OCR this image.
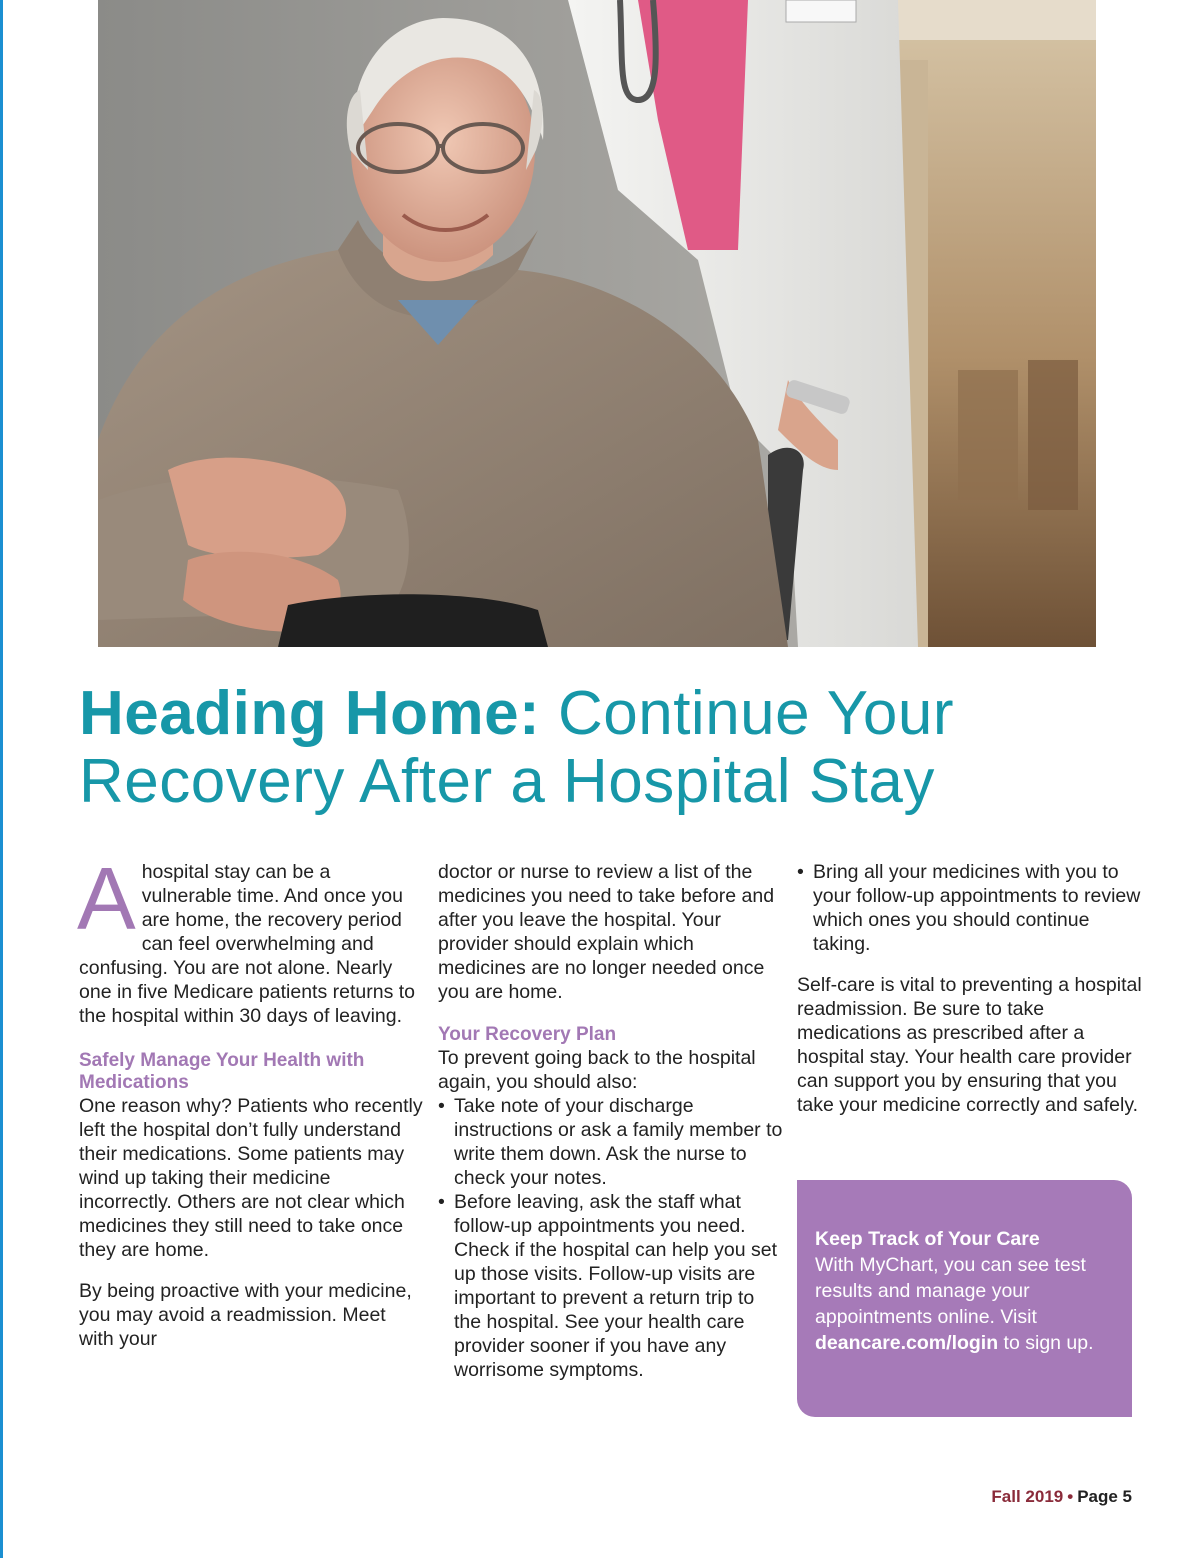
Heading Home: Continue Your Recovery After a Hospital Stay

A hospital stay can be a vulnerable time. And once you are home, the recovery period can feel overwhelming and confusing. You are not alone. Nearly one in five Medicare patients returns to the hospital within 30 days of leaving.

Safely Manage Your Health with Medications

One reason why? Patients who recently left the hospital don’t fully understand their medications. Some patients may wind up taking their medicine incorrectly. Others are not clear which medicines they still need to take once they are home.

By being proactive with your medicine, you may avoid a readmission. Meet with your

doctor or nurse to review a list of the medicines you need to take before and after you leave the hospital. Your provider should explain which medicines are no longer needed once you are home.

Your Recovery Plan

To prevent going back to the hospital again, you should also:

• Take note of your discharge instructions or ask a family member to write them down. Ask the nurse to check your notes.
• Before leaving, ask the staff what follow-up appointments you need. Check if the hospital can help you set up those visits. Follow-up visits are important to prevent a return trip to the hospital. See your health care provider sooner if you have any worrisome symptoms.
• Bring all your medicines with you to your follow-up appointments to review which ones you should continue taking.

Self-care is vital to preventing a hospital readmission. Be sure to take medications as prescribed after a hospital stay. Your health care provider can support you by ensuring that you take your medicine correctly and safely.

Keep Track of Your Care
With MyChart, you can see test results and manage your appointments online. Visit deancare.com/login to sign up.
Fall 2019 • Page 5
